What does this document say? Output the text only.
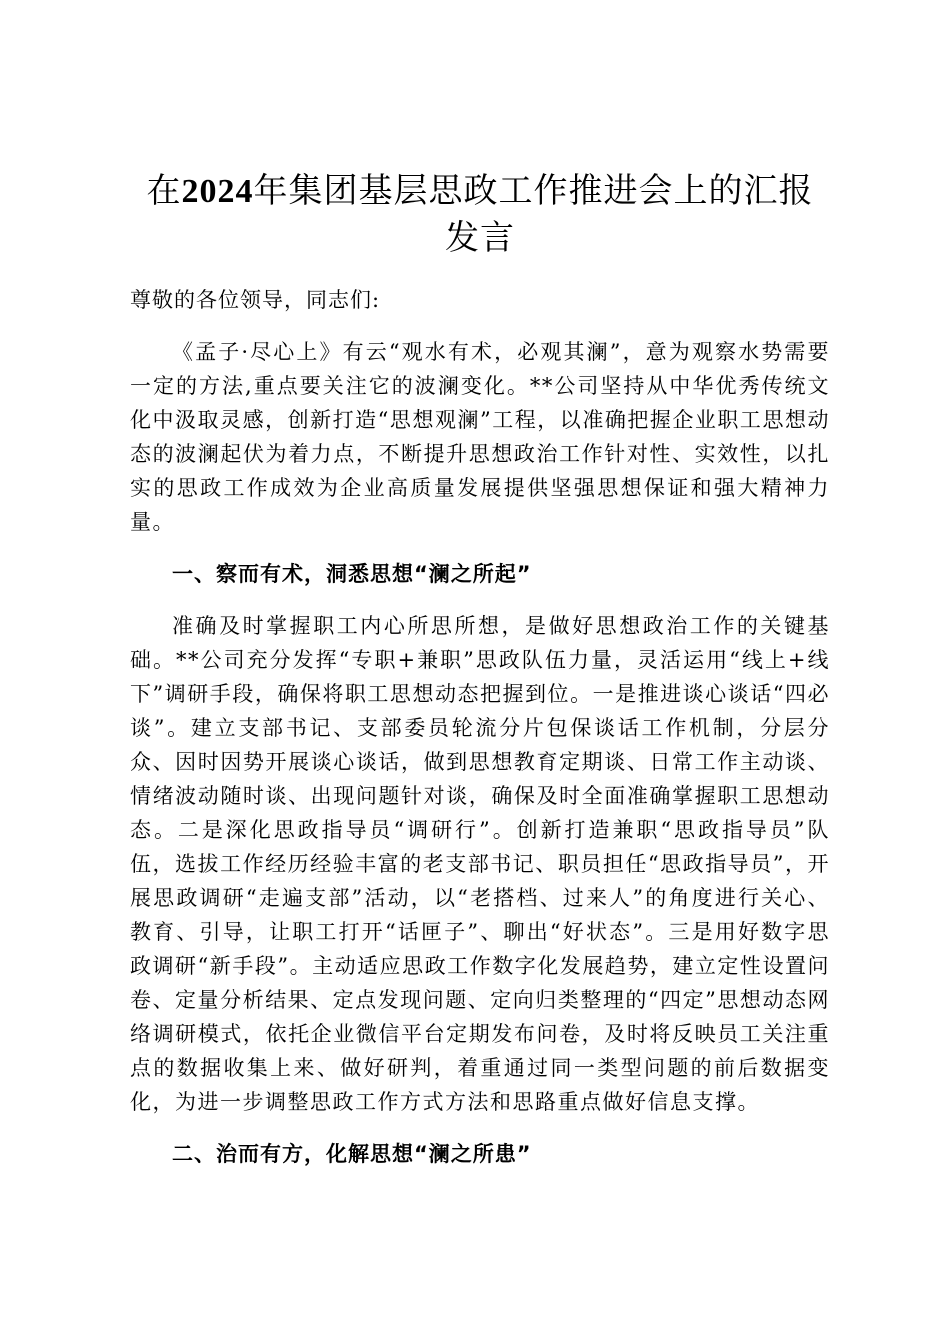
在2024年集团基层思政工作推进会上的汇报发言

尊敬的各位领导，同志们:

《孟子·尽心上》有云“观水有术，必观其澜”，意为观察水势需要一定的方法,重点要关注它的波澜变化。**公司坚持从中华优秀传统文化中汲取灵感，创新打造“思想观澜”工程，以准确把握企业职工思想动态的波澜起伏为着力点，不断提升思想政治工作针对性、实效性，以扎实的思政工作成效为企业高质量发展提供坚强思想保证和强大精神力量。

一、察而有术，洞悉思想“澜之所起”

准确及时掌握职工内心所思所想，是做好思想政治工作的关键基础。**公司充分发挥“专职+兼职”思政队伍力量，灵活运用“线上+线下”调研手段，确保将职工思想动态把握到位。一是推进谈心谈话“四必谈”。建立支部书记、支部委员轮流分片包保谈话工作机制，分层分众、因时因势开展谈心谈话，做到思想教育定期谈、日常工作主动谈、情绪波动随时谈、出现问题针对谈，确保及时全面准确掌握职工思想动态。二是深化思政指导员“调研行”。创新打造兼职“思政指导员”队伍，选拔工作经历经验丰富的老支部书记、职员担任“思政指导员”，开展思政调研“走遍支部”活动，以“老搭档、过来人”的角度进行关心、教育、引导，让职工打开“话匣子”、聊出“好状态”。三是用好数字思政调研“新手段”。主动适应思政工作数字化发展趋势，建立定性设置问卷、定量分析结果、定点发现问题、定向归类整理的“四定”思想动态网络调研模式，依托企业微信平台定期发布问卷，及时将反映员工关注重点的数据收集上来、做好研判，着重通过同一类型问题的前后数据变化，为进一步调整思政工作方式方法和思路重点做好信息支撑。

二、治而有方，化解思想“澜之所患”
